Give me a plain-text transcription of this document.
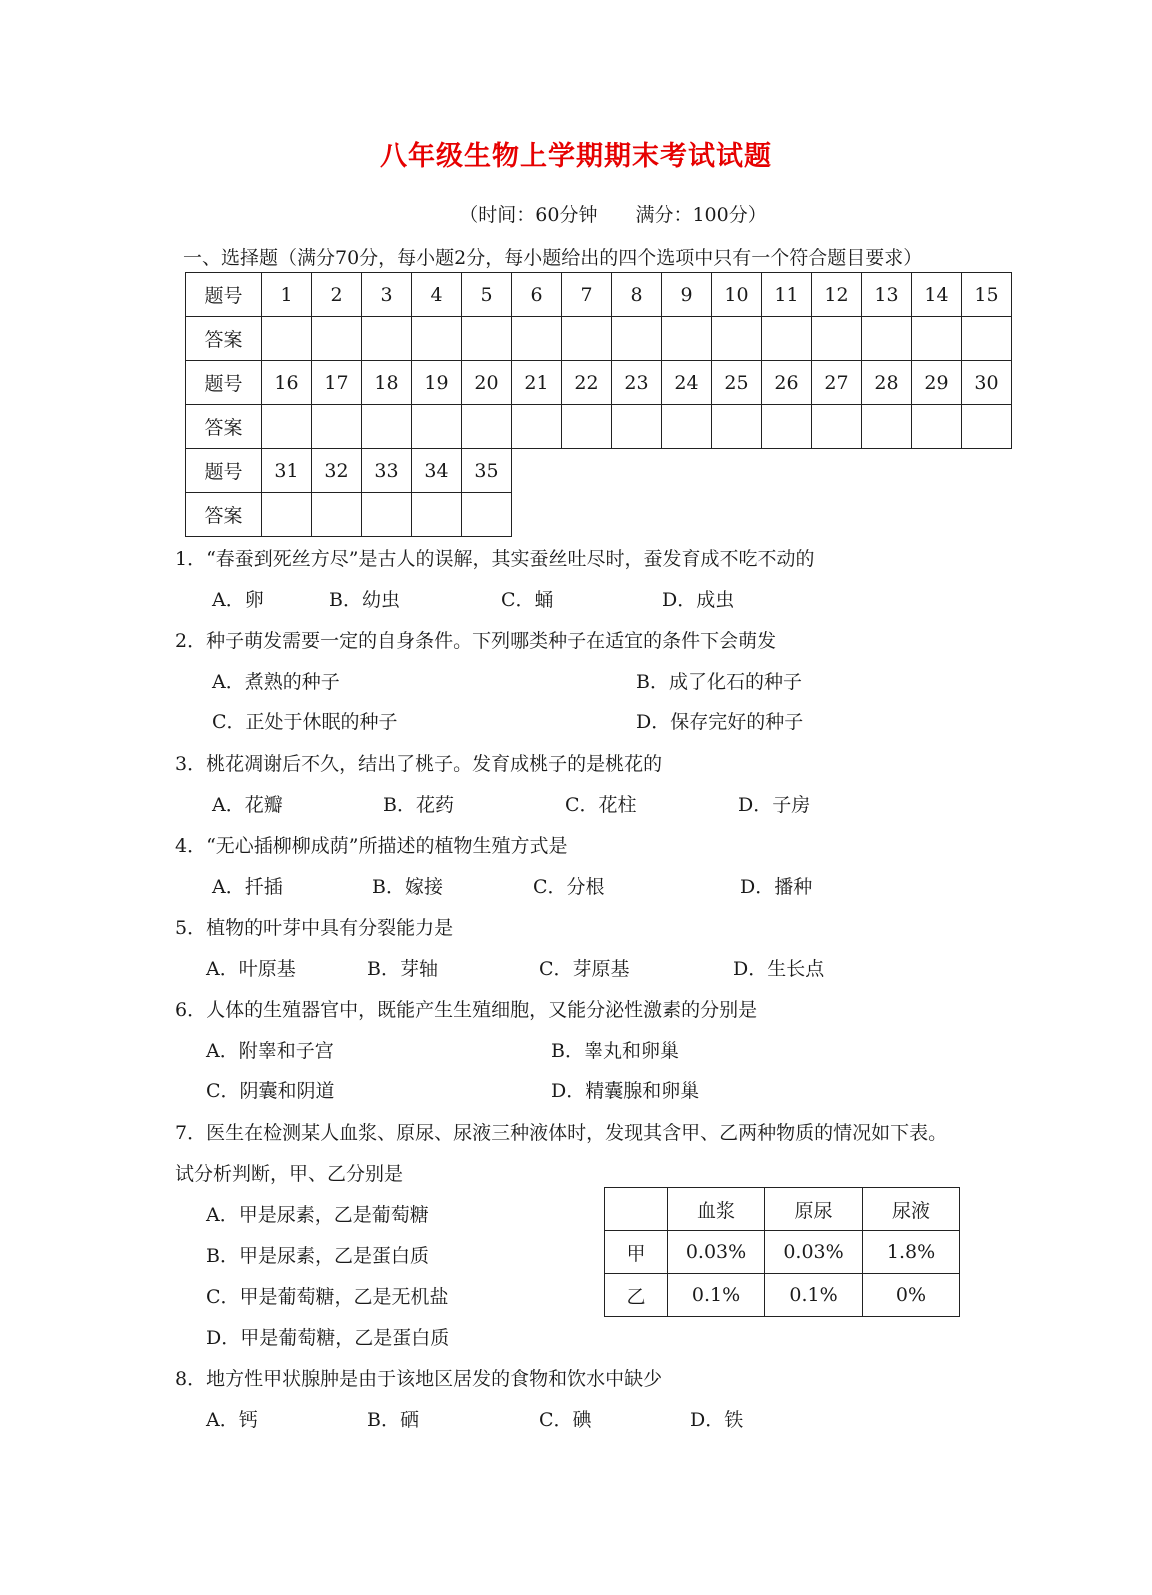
八年级生物上学期期末考试试题
（时间：60分钟　　满分：100分）
一、选择题（满分70分，每小题2分，每小题给出的四个选项中只有一个符合题目要求）
题号	1	2	3	4	5	6	7	8	9	10	11	12	13	14	15
答案															
题号	16	17	18	19	20	21	22	23	24	25	26	27	28	29	30
答案															
题号	31	32	33	34	35										
答案															
1．“春蚕到死丝方尽”是古人的误解，其实蚕丝吐尽时，蚕发育成不吃不动的
A．卵	B．幼虫	C．蛹	D．成虫
2．种子萌发需要一定的自身条件。下列哪类种子在适宜的条件下会萌发
A．煮熟的种子	B．成了化石的种子
C．正处于休眠的种子	D．保存完好的种子
3．桃花凋谢后不久，结出了桃子。发育成桃子的是桃花的
A．花瓣	B．花药	C．花柱	D．子房
4．“无心插柳柳成荫”所描述的植物生殖方式是
A．扦插	B．嫁接	C．分根	D．播种
5．植物的叶芽中具有分裂能力是
A．叶原基	B．芽轴	C．芽原基	D．生长点
6．人体的生殖器官中，既能产生生殖细胞，又能分泌性激素的分别是
A．附睾和子宫	B．睾丸和卵巢
C．阴囊和阴道	D．精囊腺和卵巢
7．医生在检测某人血浆、原尿、尿液三种液体时，发现其含甲、乙两种物质的情况如下表。
试分析判断，甲、乙分别是
A．甲是尿素，乙是葡萄糖
B．甲是尿素，乙是蛋白质
C．甲是葡萄糖，乙是无机盐
D．甲是葡萄糖，乙是蛋白质
	血浆	原尿	尿液
甲	0.03%	0.03%	1.8%
乙	0.1%	0.1%	0%
8．地方性甲状腺肿是由于该地区居发的食物和饮水中缺少
A．钙	B．硒	C．碘	D．铁
